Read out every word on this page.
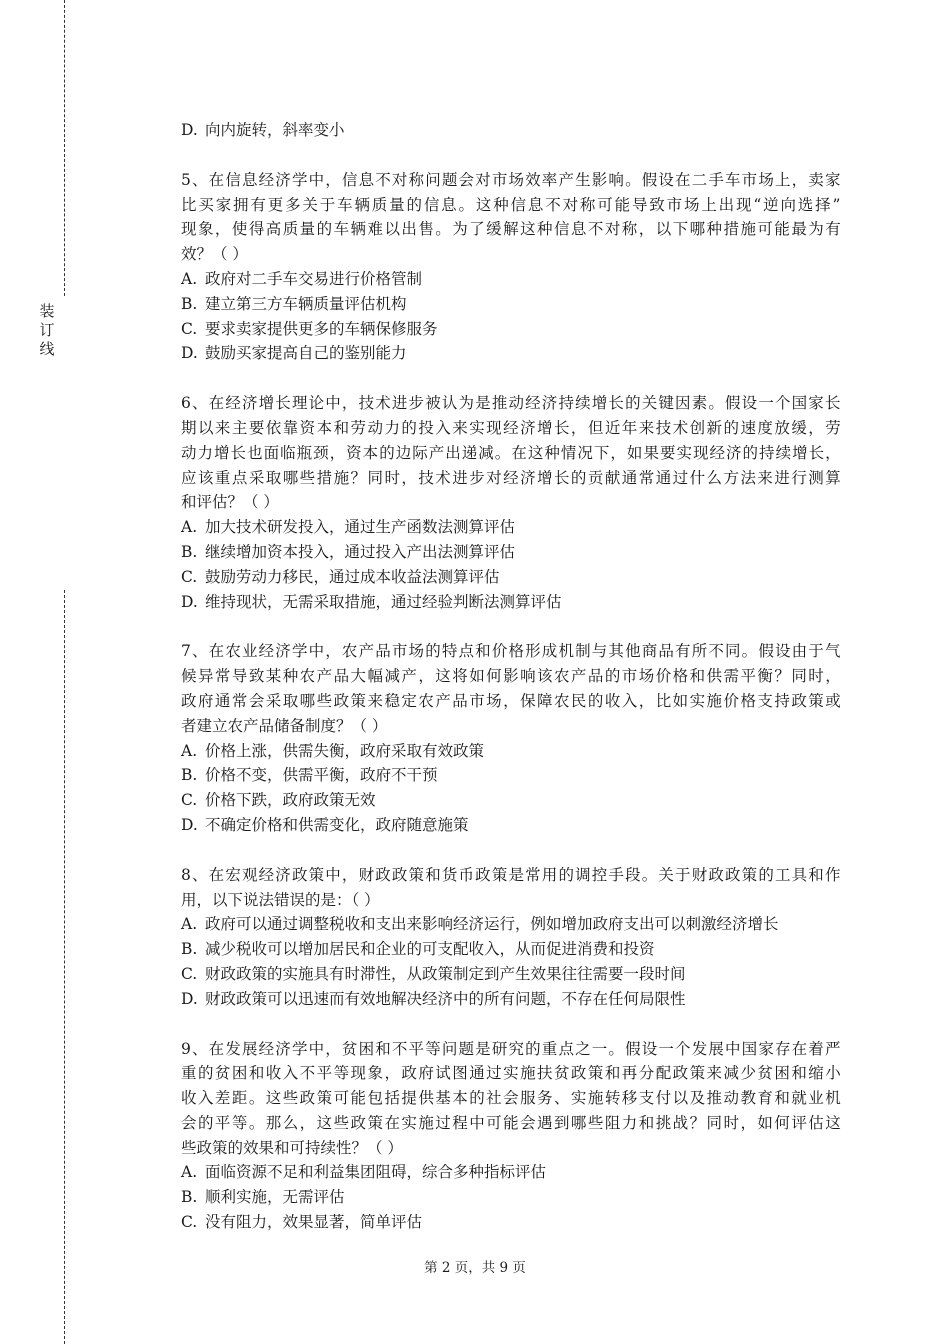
装
订
线
D. 向内旋转，斜率变小
5 、 在 信 息 经 济 学 中 ， 信 息 不 对 称 问 题 会 对 市 场 效 率 产 生 影 响 。 假 设 在 二 手 车 市 场 上 ， 卖 家
比 买 家 拥 有 更 多 关 于 车 辆 质 量 的 信 息 。 这 种 信 息 不 对 称 可 能 导 致 市 场 上 出 现 “ 逆 向 选 择 ”
现 象 ， 使 得 高 质 量 的 车 辆 难 以 出 售 。 为 了 缓 解 这 种 信 息 不 对 称 ， 以 下 哪 种 措 施 可 能 最 为 有
效？（ ）
A. 政府对二手车交易进行价格管制
B. 建立第三方车辆质量评估机构
C. 要求卖家提供更多的车辆保修服务
D. 鼓励买家提高自己的鉴别能力
6 、 在 经 济 增 长 理 论 中 ， 技 术 进 步 被 认 为 是 推 动 经 济 持 续 增 长 的 关 键 因 素 。 假 设 一 个 国 家 长
期 以 来 主 要 依 靠 资 本 和 劳 动 力 的 投 入 来 实 现 经 济 增 长 ， 但 近 年 来 技 术 创 新 的 速 度 放 缓 ， 劳
动 力 增 长 也 面 临 瓶 颈 ， 资 本 的 边 际 产 出 递 减 。 在 这 种 情 况 下 ， 如 果 要 实 现 经 济 的 持 续 增 长 ，
应 该 重 点 采 取 哪 些 措 施 ？ 同 时 ， 技 术 进 步 对 经 济 增 长 的 贡 献 通 常 通 过 什 么 方 法 来 进 行 测 算
和评估？（ ）
A. 加大技术研发投入，通过生产函数法测算评估
B. 继续增加资本投入，通过投入产出法测算评估
C. 鼓励劳动力移民，通过成本收益法测算评估
D. 维持现状，无需采取措施，通过经验判断法测算评估
7 、 在 农 业 经 济 学 中 ， 农 产 品 市 场 的 特 点 和 价 格 形 成 机 制 与 其 他 商 品 有 所 不 同 。 假 设 由 于 气
候 异 常 导 致 某 种 农 产 品 大 幅 减 产 ， 这 将 如 何 影 响 该 农 产 品 的 市 场 价 格 和 供 需 平 衡 ？ 同 时 ，
政 府 通 常 会 采 取 哪 些 政 策 来 稳 定 农 产 品 市 场 ， 保 障 农 民 的 收 入 ， 比 如 实 施 价 格 支 持 政 策 或
者建立农产品储备制度？（ ）
A. 价格上涨，供需失衡，政府采取有效政策
B. 价格不变，供需平衡，政府不干预
C. 价格下跌，政府政策无效
D. 不确定价格和供需变化，政府随意施策
8 、 在 宏 观 经 济 政 策 中 ， 财 政 政 策 和 货 币 政 策 是 常 用 的 调 控 手 段 。 关 于 财 政 政 策 的 工 具 和 作
用，以下说法错误的是：（ ）
A. 政府可以通过调整税收和支出来影响经济运行，例如增加政府支出可以刺激经济增长
B. 减少税收可以增加居民和企业的可支配收入，从而促进消费和投资
C. 财政政策的实施具有时滞性，从政策制定到产生效果往往需要一段时间
D. 财政政策可以迅速而有效地解决经济中的所有问题，不存在任何局限性
9 、 在 发 展 经 济 学 中 ， 贫 困 和 不 平 等 问 题 是 研 究 的 重 点 之 一 。 假 设 一 个 发 展 中 国 家 存 在 着 严
重 的 贫 困 和 收 入 不 平 等 现 象 ， 政 府 试 图 通 过 实 施 扶 贫 政 策 和 再 分 配 政 策 来 减 少 贫 困 和 缩 小
收 入 差 距 。 这 些 政 策 可 能 包 括 提 供 基 本 的 社 会 服 务 、 实 施 转 移 支 付 以 及 推 动 教 育 和 就 业 机
会 的 平 等 。 那 么 ， 这 些 政 策 在 实 施 过 程 中 可 能 会 遇 到 哪 些 阻 力 和 挑 战 ？ 同 时 ， 如 何 评 估 这
些政策的效果和可持续性？（ ）
A. 面临资源不足和利益集团阻碍，综合多种指标评估
B. 顺利实施，无需评估
C. 没有阻力，效果显著，简单评估
第 2 页，共 9 页
